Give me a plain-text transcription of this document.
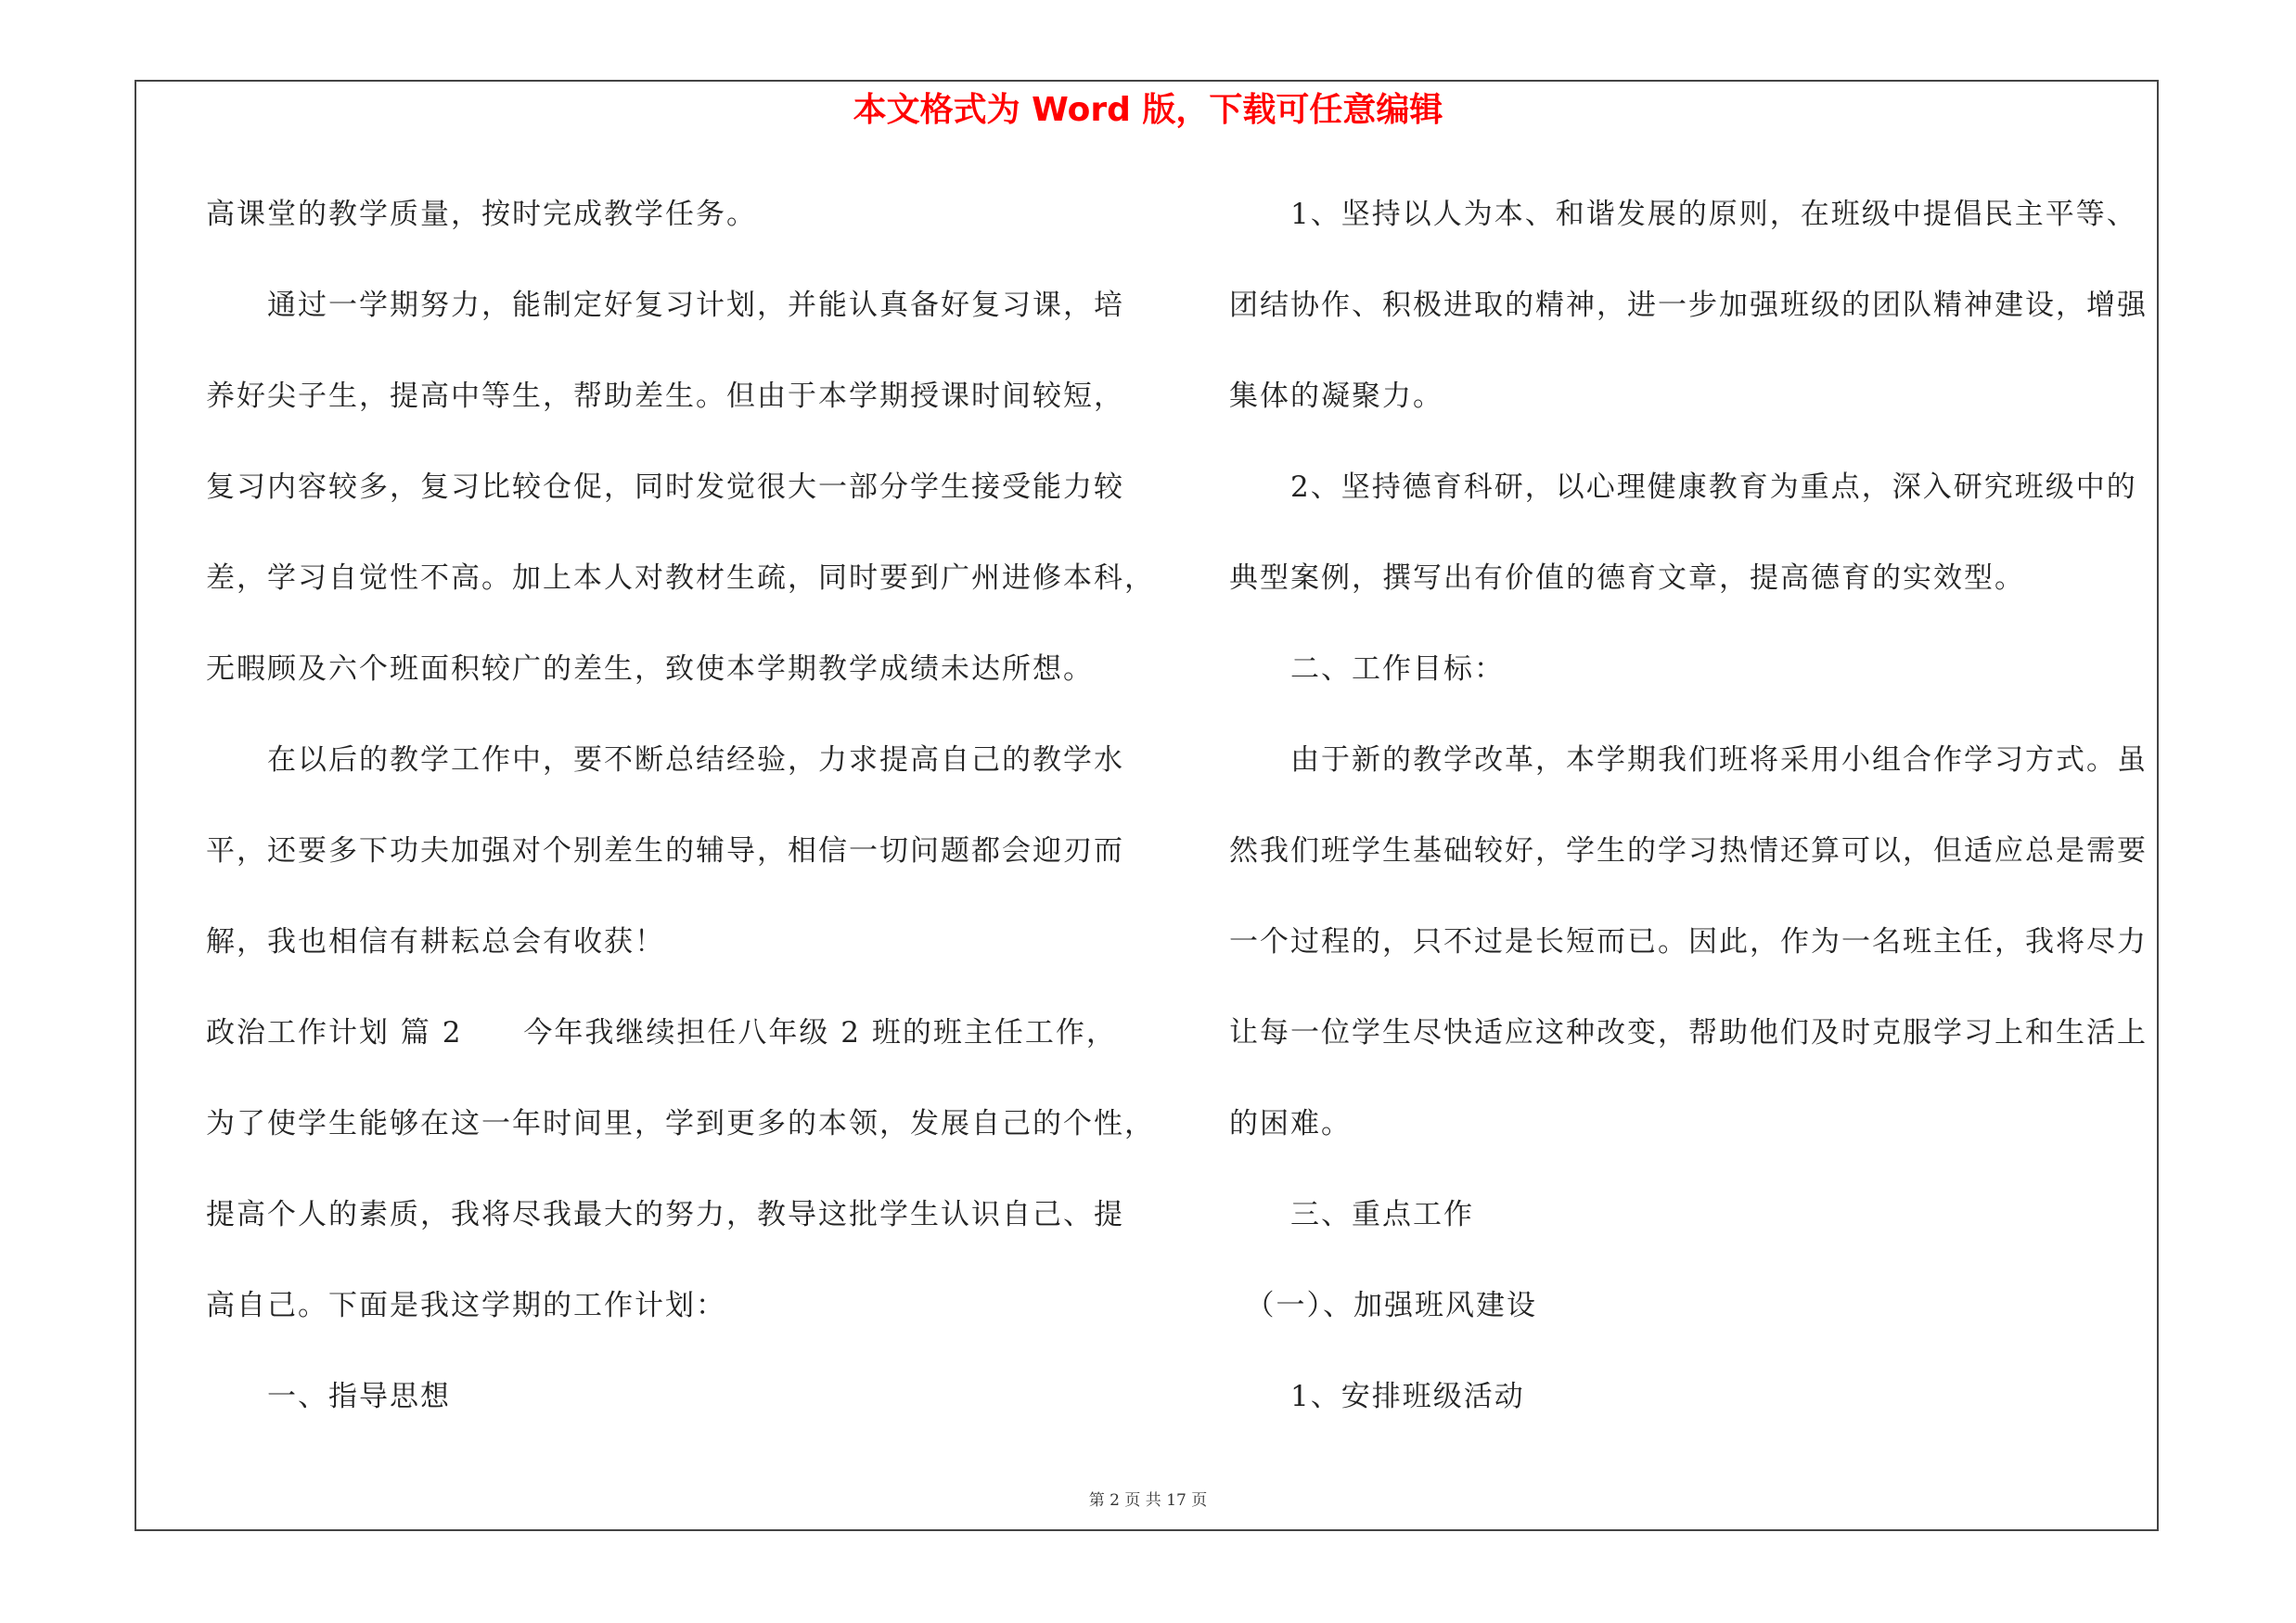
本文格式为 Word 版，下载可任意编辑
高课堂的教学质量，按时完成教学任务。
　　通过一学期努力，能制定好复习计划，并能认真备好复习课，培
养好尖子生，提高中等生，帮助差生。但由于本学期授课时间较短，
复习内容较多，复习比较仓促，同时发觉很大一部分学生接受能力较
差，学习自觉性不高。加上本人对教材生疏，同时要到广州进修本科，
无暇顾及六个班面积较广的差生，致使本学期教学成绩未达所想。
　　在以后的教学工作中，要不断总结经验，力求提高自己的教学水
平，还要多下功夫加强对个别差生的辅导，相信一切问题都会迎刃而
解，我也相信有耕耘总会有收获！
政治工作计划 篇 2　　今年我继续担任八年级 2 班的班主任工作，
为了使学生能够在这一年时间里，学到更多的本领，发展自己的个性，
提高个人的素质，我将尽我最大的努力，教导这批学生认识自己、提
高自己。下面是我这学期的工作计划：
　　一、指导思想
　　1、坚持以人为本、和谐发展的原则，在班级中提倡民主平等、
团结协作、积极进取的精神，进一步加强班级的团队精神建设，增强
集体的凝聚力。
　　2、坚持德育科研，以心理健康教育为重点，深入研究班级中的
典型案例，撰写出有价值的德育文章，提高德育的实效型。
　　二、工作目标：
　　由于新的教学改革，本学期我们班将采用小组合作学习方式。虽
然我们班学生基础较好，学生的学习热情还算可以，但适应总是需要
一个过程的，只不过是长短而已。因此，作为一名班主任，我将尽力
让每一位学生尽快适应这种改变，帮助他们及时克服学习上和生活上
的困难。
　　三、重点工作
　（一）、加强班风建设
　　1、安排班级活动
第 2 页 共 17 页
